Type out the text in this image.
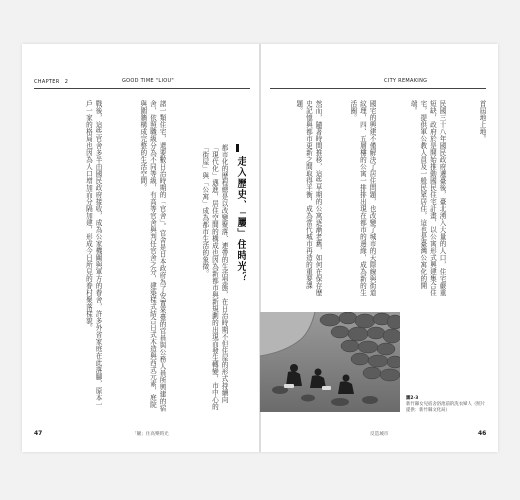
CHAPTER　2	GOOD TIME "LIOU"
走入歷史、「屢」住時光？
都市化的歷程總是以改變聚落、連帶的生活型態，在日治時期不但住屋的形式持續向「現代化」邁進，居住空間的構成也因為新都市與新規劃的出現而發生轉變，市中心的「街屋」與「公寓」成為都市生活的象徵。
諸一類住宅，還要數日治時期的「官舍」。官舍是日本政府為了安置來臺的官員與公務人員所興建的宿舍，依照職級分為不同等級，有高等官舍與判任官舍之分，建築樣式結合日式木造與西式元素，庭院與圍牆構成完整的生活空間。
戰後，這些官舍多半由國民政府接收，成為公家機關與軍方的眷舍，許多外省家庭在此落腳，原本一戶一家的格局也因為人口增加而分隔加建，形成今日所見的眷村聚落樣貌。
47	「屢」住高樂時光
CITY REMAKING
首屆地上地。
民國三十八年國民政府遷臺後，臺北湧入大量的人口，住宅嚴重短缺，政府於是開始推動國民住宅計畫，以公寓形式興建集合住宅，提供軍公教人員及一般民眾居住，這也是臺灣公寓化的開端。
國宅的興建不僅解決了居住問題，也改變了城市的天際線與街道紋理，四、五層樓的公寓一排排出現在都市的邊緣，成為新的生活圈。
然而，隨著時間推移，這些早期的公寓逐漸老舊，如何在保存歷史記憶與都市更新之間取得平衡，成為當代城市再造的重要課題。
圖2-3
新竹縣女兒宿舍浴池前的洗衣婦人（照片提供：新竹縣文化局）
46
反造城市
